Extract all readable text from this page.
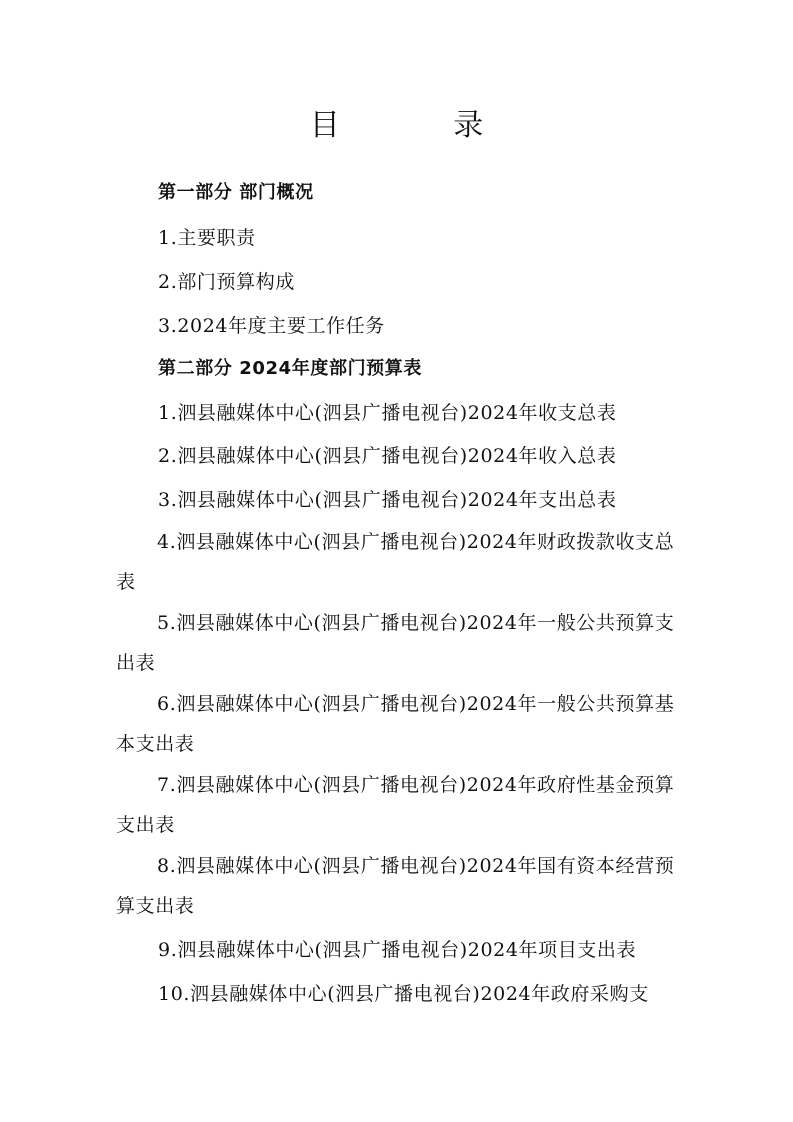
目 录
第一部分 部门概况
1.主要职责
2.部门预算构成
3.2024年度主要工作任务
第二部分 2024年度部门预算表
1.泗县融媒体中心(泗县广播电视台)2024年收支总表
2.泗县融媒体中心(泗县广播电视台)2024年收入总表
3.泗县融媒体中心(泗县广播电视台)2024年支出总表
4.泗县融媒体中心(泗县广播电视台)2024年财政拨款收支总表
5.泗县融媒体中心(泗县广播电视台)2024年一般公共预算支出表
6.泗县融媒体中心(泗县广播电视台)2024年一般公共预算基本支出表
7.泗县融媒体中心(泗县广播电视台)2024年政府性基金预算支出表
8.泗县融媒体中心(泗县广播电视台)2024年国有资本经营预算支出表
9.泗县融媒体中心(泗县广播电视台)2024年项目支出表
10.泗县融媒体中心(泗县广播电视台)2024年政府采购支
